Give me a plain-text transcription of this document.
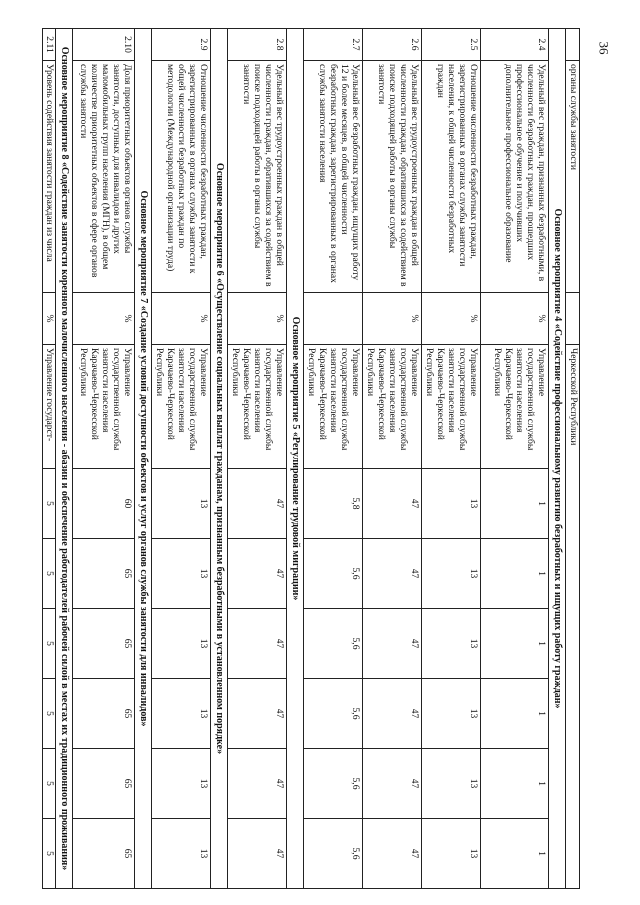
36
	органы службы занятости		Черкесской Республики						
Основное мероприятие 4 «Содействие профессиональному развитию безработных и ищущих работу граждан»									
2.4	Удельный вес граждан, признанных безработными, в численности безработных граждан, прошедших профессиональное обучение и получивших дополнительное профессиональное образование	%	Управление государственной службы занятости населения Карачаево-Черкесской Республики	1	1	1	1	1	1
2.5	Отношение численности безработных граждан, зарегистрированных в органах службы занятости населения, к общей численности безработных граждан	%	Управление государственной службы занятости населения Карачаево-Черкесской Республики	13	13	13	13	13	13
2.6	Удельный вес трудоустроенных граждан в общей численности граждан, обратившихся за содействием в поиске подходящей работы в органы службы занятости	%	Управление государственной службы занятости населения Карачаево-Черкесской Республики	47	47	47	47	47	47
2.7	Удельный вес безработных граждан, ищущих работу 12 и более месяцев, в общей численности безработных граждан, зарегистрированных в органах службы занятости населения		Управление государственной службы занятости населения Карачаево-Черкесской Республики	5,8	5,6	5,6	5,6	5,6	5,6
Основное мероприятие 5 «Регулирование трудовой миграции»									
2.8	Удельный вес трудоустроенных граждан в общей численности граждан, обратившихся за содействием в поиске подходящей работы в органы службы занятости	%	Управление государственной службы занятости населения Карачаево-Черкесской Республики	47	47	47	47	47	47
Основное мероприятие 6 «Осуществление социальных выплат гражданам, признанным безработными в установленном порядке»									
2.9	Отношение численности безработных граждан, зарегистрированных в органах службы занятости к общей численности безработных граждан по методологии (Международной организации труда)	%	Управление государственной службы занятости населения Карачаево-Черкесской Республики	13	13	13	13	13	13
Основное мероприятие 7 «Создание условий доступности объектов и услуг органов службы занятости для инвалидов»									
2.10	Доля приоритетных объектов органов службы занятости, доступных для инвалидов и других маломобильных групп населения (МГН), в общем количестве приоритетных объектов в сфере органов службы занятости	%	Управление государственной службы занятости населения Карачаево-Черкесской Республики	60	65	65	65	65	65
Основное мероприятие 8 «Содействие занятости коренного малочисленного населения - абазин и обеспечение работодателей рабочей силой в местах их традиционного проживания»									
2.11	Уровень содействия занятости граждан из числа	%	Управление государст-	5	5	5	5	5	5
